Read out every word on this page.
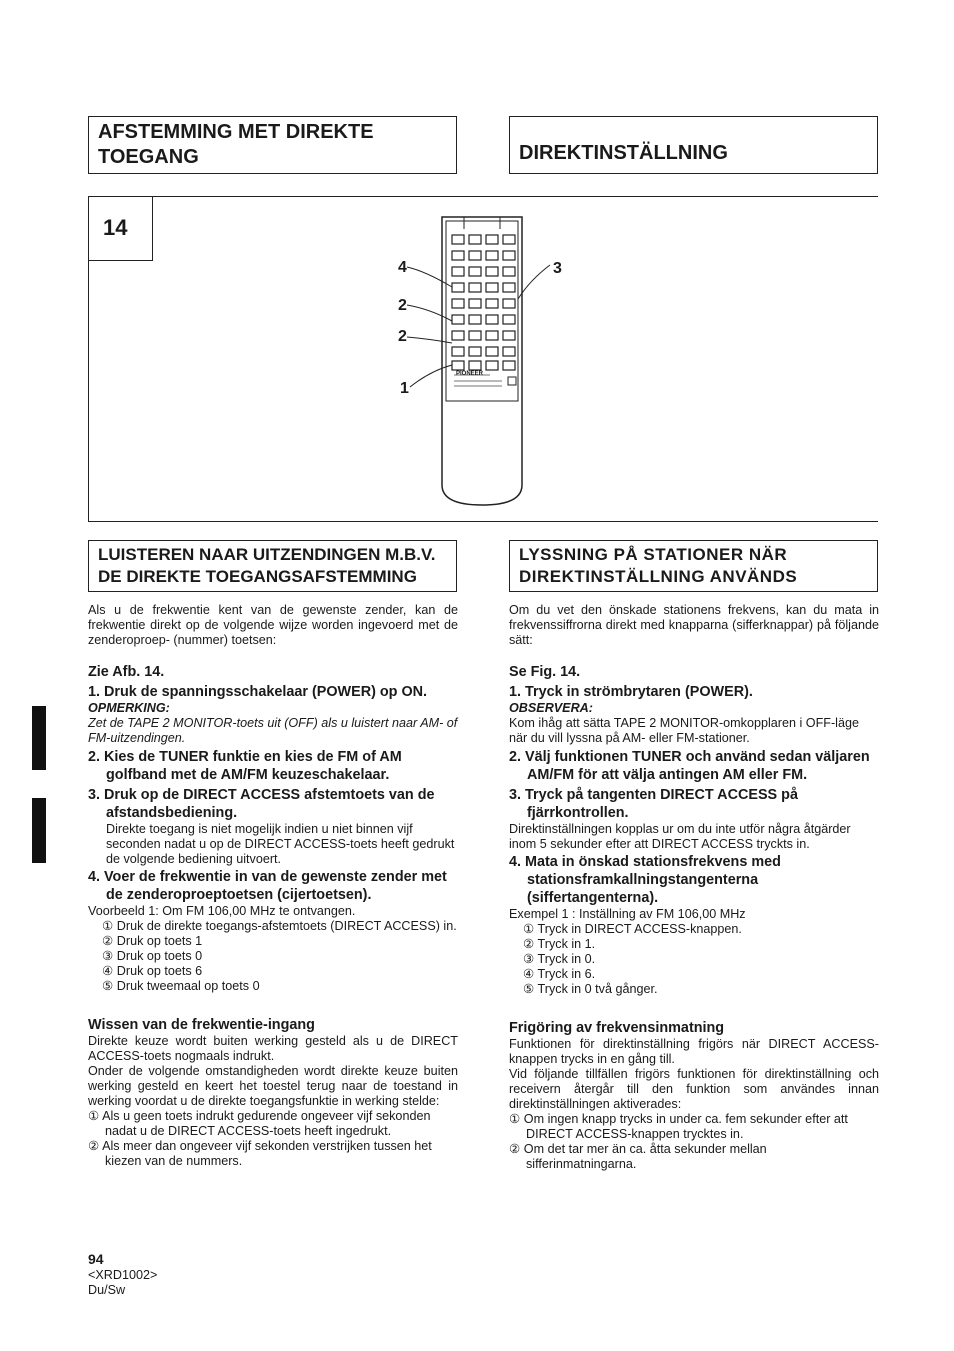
AFSTEMMING MET DIREKTE TOEGANG	DIREKTINSTÄLLNING
14
4
2
2
1
3
PIONEER
LUISTEREN NAAR UITZENDINGEN M.B.V. DE DIREKTE TOEGANGSAFSTEMMING
LYSSNING PÅ STATIONER NÄR DIREKTINSTÄLLNING ANVÄNDS

Als u de frekwentie kent van de gewenste zender, kan de frekwentie direkt op de volgende wijze worden ingevoerd met de zenderoproep- (nummer) toetsen:

Zie Afb. 14.

1. Druk de spanningsschakelaar (POWER) op ON.

OPMERKING:
Zet de TAPE 2 MONITOR-toets uit (OFF) als u luistert naar AM- of FM-uitzendingen.

2. Kies de TUNER funktie en kies de FM of AM golfband met de AM/FM keuzeschakelaar.

3. Druk op de DIRECT ACCESS afstemtoets van de afstandsbediening.

Direkte toegang is niet mogelijk indien u niet binnen vijf seconden nadat u op de DIRECT ACCESS-toets heeft gedrukt de volgende bediening uitvoert.

4. Voer de frekwentie in van de gewenste zender met de zenderoproeptoetsen (cijertoetsen).

Voorbeeld 1: Om FM 106,00 MHz te ontvangen.
① Druk de direkte toegangs-afstemtoets (DIRECT ACCESS) in.
② Druk op toets 1
③ Druk op toets 0
④ Druk op toets 6
⑤ Druk tweemaal op toets 0
Wissen van de frekwentie-ingang

Direkte keuze wordt buiten werking gesteld als u de DIRECT ACCESS-toets nogmaals indrukt.

Onder de volgende omstandigheden wordt direkte keuze buiten werking gesteld en keert het toestel terug naar de toestand in werking voordat u de direkte toegangsfunktie in werking stelde:

① Als u geen toets indrukt gedurende ongeveer vijf sekonden nadat u de DIRECT ACCESS-toets heeft ingedrukt.

② Als meer dan ongeveer vijf sekonden verstrijken tussen het kiezen van de nummers.

Om du vet den önskade stationens frekvens, kan du mata in frekvenssiffrorna direkt med knapparna (sifferknappar) på följande sätt:

Se Fig. 14.

1. Tryck in strömbrytaren (POWER).

OBSERVERA:
Kom ihåg att sätta TAPE 2 MONITOR-omkopplaren i OFF-läge när du vill lyssna på AM- eller FM-stationer.

2. Välj funktionen TUNER och använd sedan väljaren AM/FM för att välja antingen AM eller FM.

3. Tryck på tangenten DIRECT ACCESS på fjärrkontrollen.

Direktinställningen kopplas ur om du inte utför några åtgärder inom 5 sekunder efter att DIRECT ACCESS tryckts in.

4. Mata in önskad stationsfrekvens med stationsframkallningstangenterna (siffertangenterna).

Exempel 1 : Inställning av FM 106,00 MHz
① Tryck in DIRECT ACCESS-knappen.
② Tryck in 1.
③ Tryck in 0.
④ Tryck in 6.
⑤ Tryck in 0 två gånger.
Frigöring av frekvensinmatning

Funktionen för direktinställning frigörs när DIRECT ACCESS-knappen trycks in en gång till.

Vid följande tillfällen frigörs funktionen för direktinställning och receivern återgår till den funktion som användes innan direktinställningen aktiverades:

① Om ingen knapp trycks in under ca. fem sekunder efter att DIRECT ACCESS-knappen trycktes in.

② Om det tar mer än ca. åtta sekunder mellan sifferinmatningarna.

94
<XRD1002>
Du/Sw
